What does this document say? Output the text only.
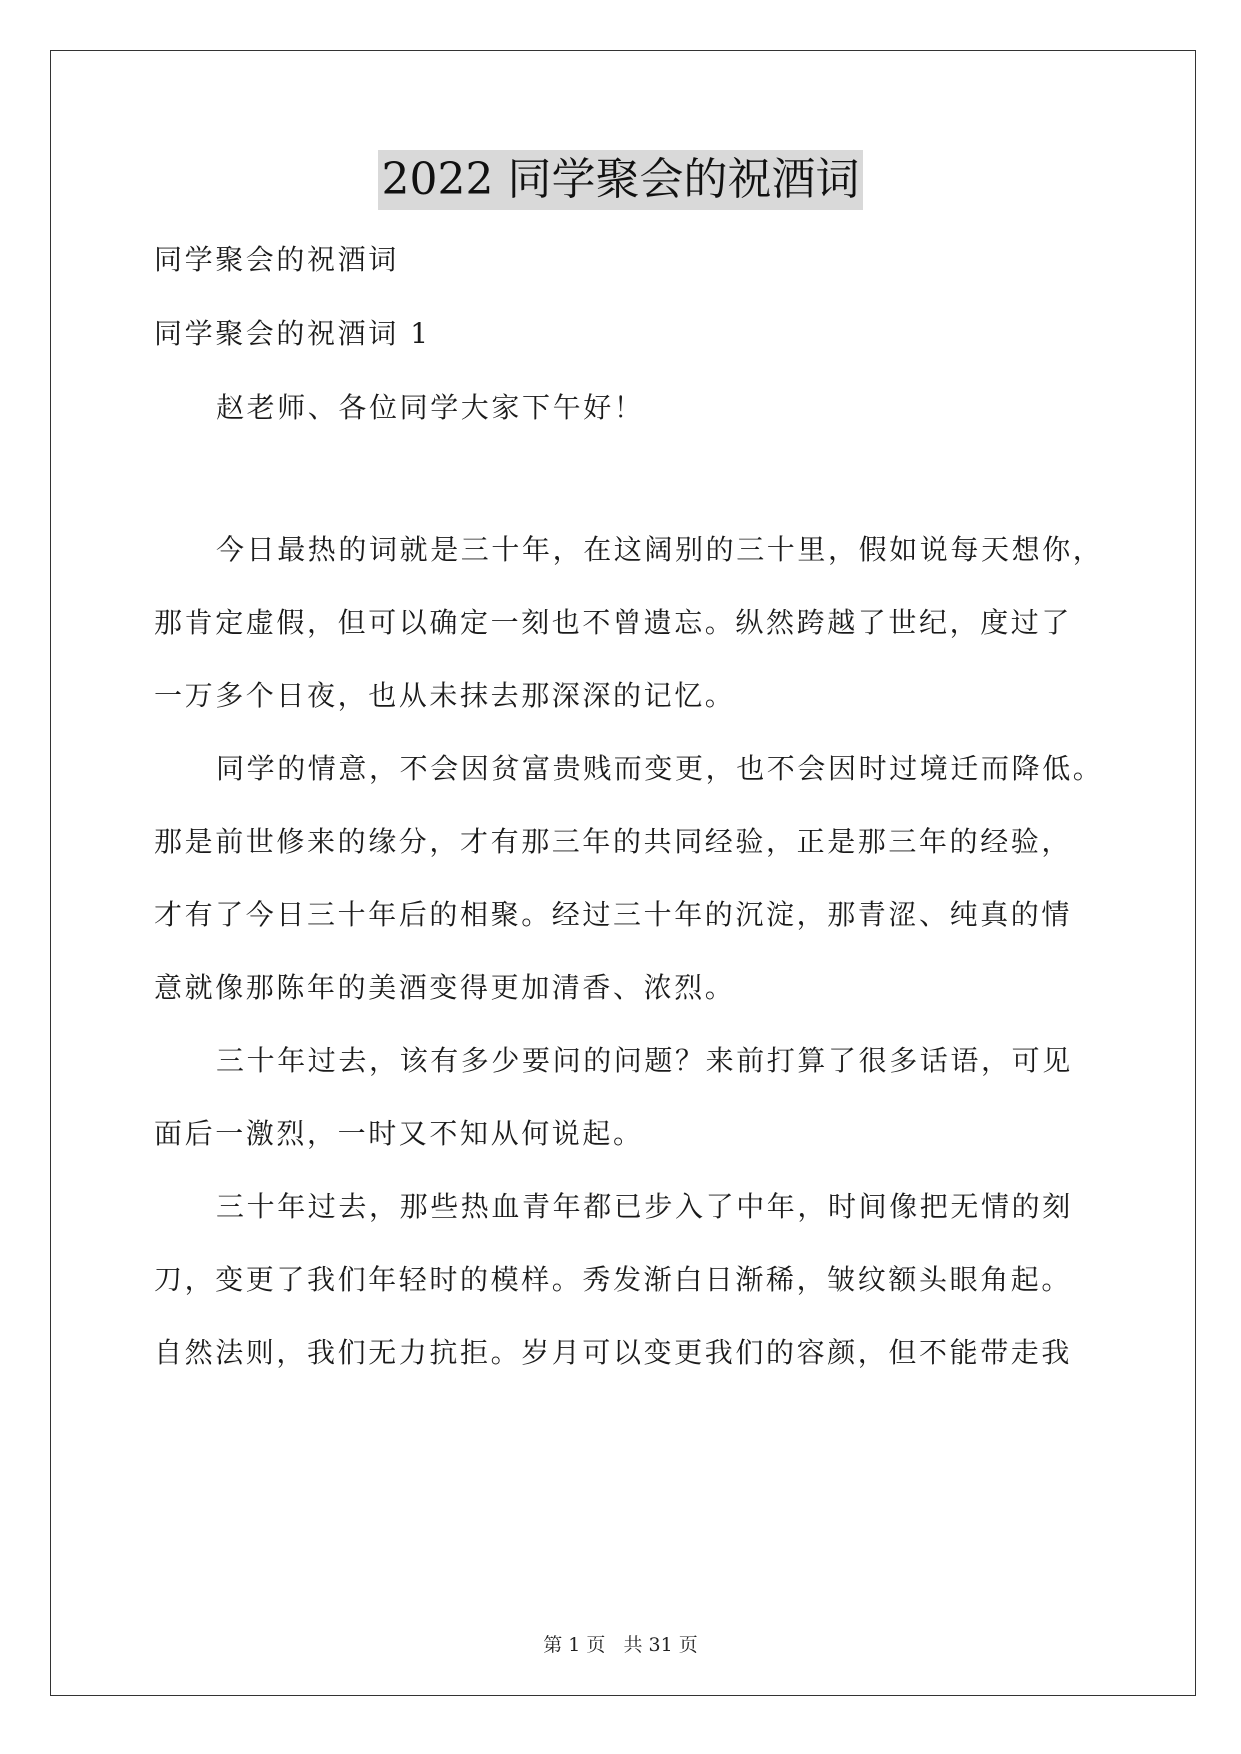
2022 同学聚会的祝酒词
同学聚会的祝酒词
同学聚会的祝酒词 1
赵老师、各位同学大家下午好！
今日最热的词就是三十年，在这阔别的三十里，假如说每天想你，
那肯定虚假，但可以确定一刻也不曾遗忘。纵然跨越了世纪，度过了
一万多个日夜，也从未抹去那深深的记忆。
同学的情意，不会因贫富贵贱而变更，也不会因时过境迁而降低。
那是前世修来的缘分，才有那三年的共同经验，正是那三年的经验，
才有了今日三十年后的相聚。经过三十年的沉淀，那青涩、纯真的情
意就像那陈年的美酒变得更加清香、浓烈。
三十年过去，该有多少要问的问题？来前打算了很多话语，可见
面后一激烈，一时又不知从何说起。
三十年过去，那些热血青年都已步入了中年，时间像把无情的刻
刀，变更了我们年轻时的模样。秀发渐白日渐稀，皱纹额头眼角起。
自然法则，我们无力抗拒。岁月可以变更我们的容颜，但不能带走我
第 1 页 共 31 页
